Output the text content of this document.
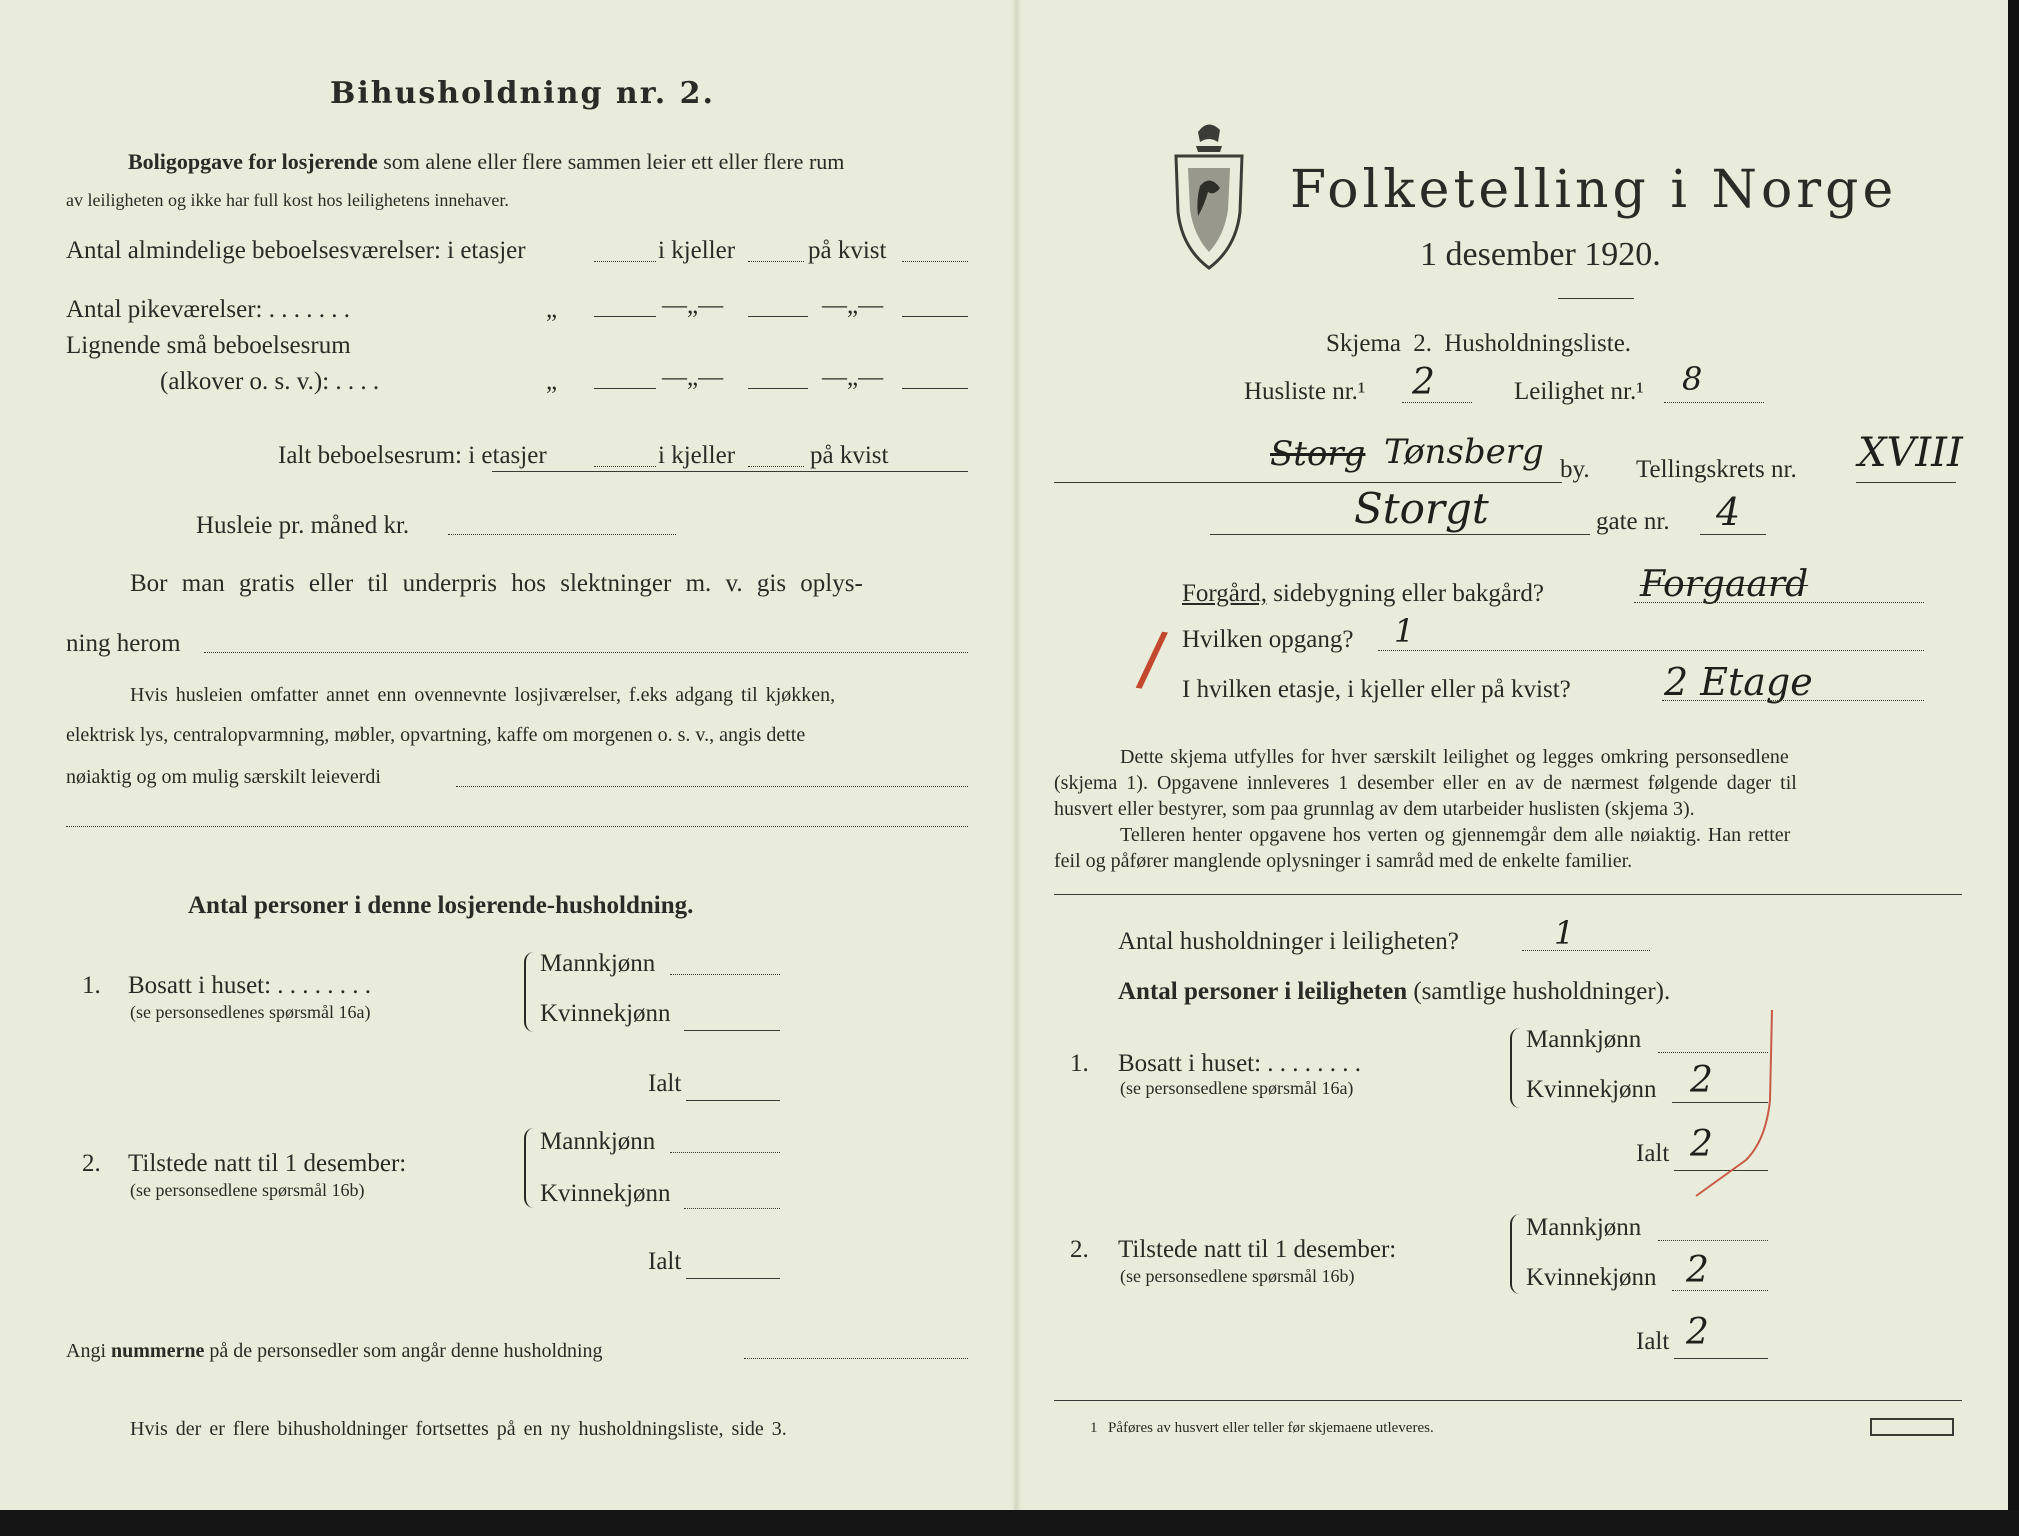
Bihusholdning nr. 2.
Boligopgave for losjerende som alene eller flere sammen leier ett eller flere rum
av leiligheten og ikke har full kost hos leilighetens innehaver.
Antal almindelige beboelsesværelser: i etasjer	i kjeller	på kvist
Antal pikeværelser: . . . . . . .	„	—„—	—„—
Lignende små beboelsesrum
(alkover o. s. v.): . . . .	„	—„—	—„—
Ialt beboelsesrum: i etasjer	i kjeller	på kvist
Husleie pr. måned kr.
Bor man gratis eller til underpris hos slektninger m. v. gis oplys-
ning herom
Hvis husleien omfatter annet enn ovennevnte losjiværelser, f.eks adgang til kjøkken,
elektrisk lys, centralopvarmning, møbler, opvartning, kaffe om morgenen o. s. v., angis dette
nøiaktig og om mulig særskilt leieverdi
Antal personer i denne losjerende-husholdning.
1. Bosatt i huset: . . . . . . . .
(se personsedlenes spørsmål 16a)
Mannkjønn
Kvinnekjønn
Ialt
2. Tilstede natt til 1 desember:
(se personsedlene spørsmål 16b)
Mannkjønn
Kvinnekjønn
Ialt
Angi nummerne på de personsedler som angår denne husholdning
Hvis der er flere bihusholdninger fortsettes på en ny husholdningsliste, side 3.
Folketelling i Norge
1 desember 1920.
Skjema 2. Husholdningsliste.
Husliste nr.¹ 2	Leilighet nr.¹ 8
Storg Tønsberg by. Tellingskrets nr. XVIII
Storgt	gate nr. 4
Forgård, sidebygning eller bakgård?	Forgaard
Hvilken opgang? 1
/ I hvilken etasje, i kjeller eller på kvist? 2 Etage
Dette skjema utfylles for hver særskilt leilighet og legges omkring personsedlene
(skjema 1). Opgavene innleveres 1 desember eller en av de nærmest følgende dager til
husvert eller bestyrer, som paa grunnlag av dem utarbeider huslisten (skjema 3).
Telleren henter opgavene hos verten og gjennemgår dem alle nøiaktig. Han retter
feil og påfører manglende oplysninger i samråd med de enkelte familier.
Antal husholdninger i leiligheten?	1
Antal personer i leiligheten (samtlige husholdninger).
1. Bosatt i huset: . . . . . . . .
(se personsedlene spørsmål 16a)
Mannkjønn
Kvinnekjønn 2
Ialt 2
2. Tilstede natt til 1 desember:
(se personsedlene spørsmål 16b)
Mannkjønn
Kvinnekjønn 2
Ialt 2
1 Påføres av husvert eller teller før skjemaene utleveres.
